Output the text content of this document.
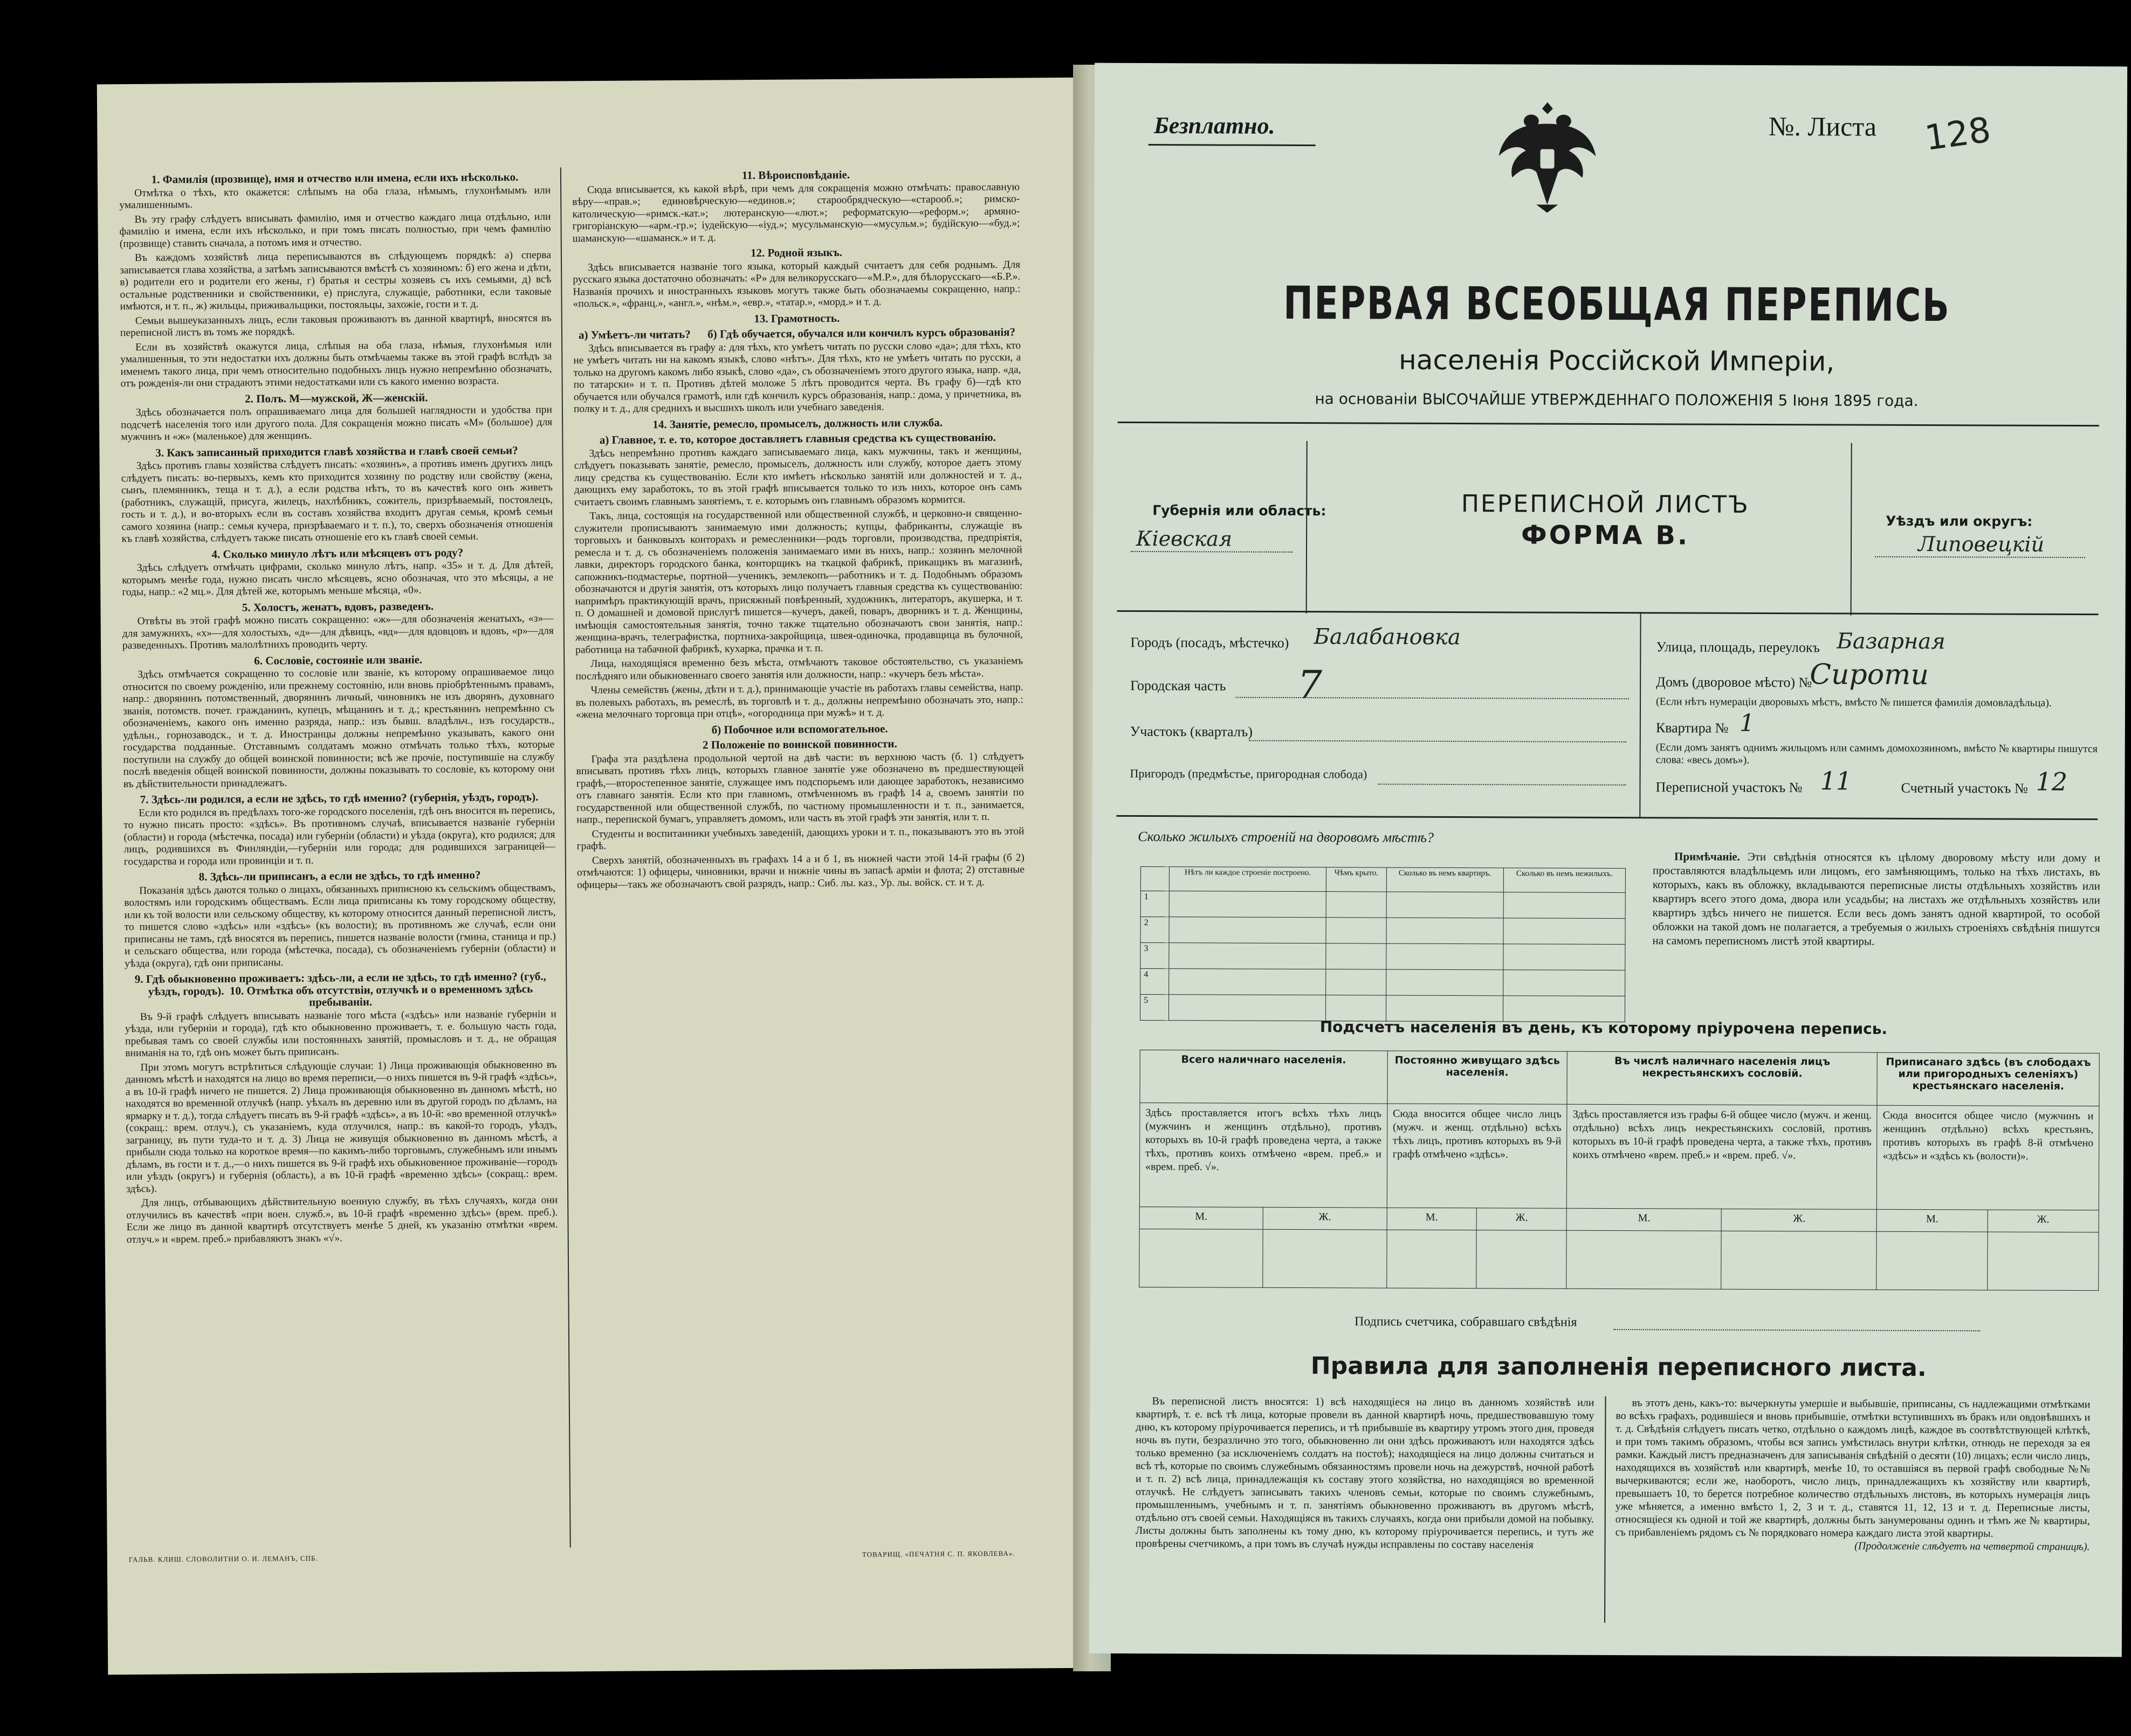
1. Фамилія (прозвище), имя и отчество или имена, если ихъ нѣсколько.

Отмѣтка о тѣхъ, кто окажется: слѣпымъ на оба глаза, нѣмымъ, глухонѣмымъ или умалишеннымъ.

Въ эту графу слѣдуетъ вписывать фамилію, имя и отчество каждаго лица отдѣльно, или фамилію и имена, если ихъ нѣсколько, и при томъ писать полностью, при чемъ фамилію (прозвище) ставить сначала, а потомъ имя и отчество.

Въ каждомъ хозяйствѣ лица переписываются въ слѣдующемъ порядкѣ: а) сперва записывается глава хозяйства, а затѣмъ записываются вмѣстѣ съ хозяиномъ: б) его жена и дѣти, в) родители его и родители его жены, г) братья и сестры хозяевъ съ ихъ семьями, д) всѣ остальные родственники и свойственники, е) прислуга, служащіе, работники, если таковые имѣются, и т. п., ж) жильцы, приживальщики, постояльцы, захожіе, гости и т. д.

Семьи вышеуказанныхъ лицъ, если таковыя проживаютъ въ данной квартирѣ, вносятся въ переписной листъ въ томъ же порядкѣ.

Если въ хозяйствѣ окажутся лица, слѣпыя на оба глаза, нѣмыя, глухонѣмыя или умалишенныя, то эти недостатки ихъ должны быть отмѣчаемы также въ этой графѣ вслѣдъ за именемъ такого лица, при чемъ относительно подобныхъ лицъ нужно непремѣнно обозначать, отъ рожденія-ли они страдаютъ этими недостатками или съ какого именно возраста.

2. Полъ. М—мужской, Ж—женскій.

Здѣсь обозначается полъ опрашиваемаго лица для большей наглядности и удобства при подсчетѣ населенія того или другого пола. Для сокращенія можно писать «М» (большое) для мужчинъ и «ж» (маленькое) для женщинъ.

3. Какъ записанный приходится главѣ хозяйства и главѣ своей семьи?

Здѣсь противъ главы хозяйства слѣдуетъ писать: «хозяинъ», а противъ именъ другихъ лицъ слѣдуетъ писать: во-первыхъ, кемъ кто приходится хозяину по родству или свойству (жена, сынъ, племянникъ, теща и т. д.), а если родства нѣтъ, то въ качествѣ кого онъ живетъ (работникъ, служащій, присуга, жилецъ, нахлѣбникъ, сожитель, призрѣваемый, постоялецъ, гость и т. д.), и во-вторыхъ если въ составъ хозяйства входитъ другая семья, кромѣ семьи самого хозяина (напр.: семья кучера, призрѣваемаго и т. п.), то, сверхъ обозначенія отношенія къ главѣ хозяйства, слѣдуетъ также писать отношеніе его къ главѣ своей семьи.

4. Сколько минуло лѣтъ или мѣсяцевъ отъ роду?

Здѣсь слѣдуетъ отмѣчать цифрами, сколько минуло лѣтъ, напр. «35» и т. д. Для дѣтей, которымъ менѣе года, нужно писать число мѣсяцевъ, ясно обозначая, что это мѣсяцы, а не годы, напр.: «2 мц.». Для дѣтей же, которымъ меньше мѣсяца, «0».

5. Холостъ, женатъ, вдовъ, разведенъ.

Отвѣты въ этой графѣ можно писать сокращенно: «ж»—для обозначенія женатыхъ, «з»—для замужнихъ, «х»—для холостыхъ, «д»—для дѣвицъ, «вд»—для вдовцовъ и вдовъ, «р»—для разведенныхъ. Противъ малолѣтнихъ проводить черту.

6. Сословіе, состояніе или званіе.

Здѣсь отмѣчается сокращенно то сословіе или званіе, къ которому опрашиваемое лицо относится по своему рожденію, или прежнему состоянію, или вновь пріобрѣтеннымъ правамъ, напр.: дворянинъ потомственный, дворянинъ личный, чиновникъ не изъ дворянъ, духовнаго званія, потомств. почет. гражданинъ, купецъ, мѣщанинъ и т. д.; крестьянинъ непремѣнно съ обозначеніемъ, какого онъ именно разряда, напр.: изъ бывш. владѣльч., изъ государств., удѣльн., горнозаводск., и т. д. Иностранцы должны непремѣнно указывать, какого они государства подданные. Отставнымъ солдатамъ можно отмѣчать только тѣхъ, которые поступили на службу до общей воинской повинности; всѣ же прочіе, поступившіе на службу послѣ введенія общей воинской повинности, должны показывать то сословіе, къ которому они въ дѣйствительности принадлежатъ.

7. Здѣсь-ли родился, а если не здѣсь, то гдѣ именно? (губернія, уѣздъ, городъ).

Если кто родился въ предѣлахъ того-же городского поселенія, гдѣ онъ вносится въ перепись, то нужно писать просто: «здѣсь». Въ противномъ случаѣ, вписывается названіе губерніи (области) и города (мѣстечка, посада) или губерніи (области) и уѣзда (округа), кто родился; для лицъ, родившихся въ Финляндіи,—губерніи или города; для родившихся заграницей—государства и города или провинціи и т. п.

8. Здѣсь-ли приписанъ, а если не здѣсь, то гдѣ именно?

Показанія здѣсь даются только о лицахъ, обязанныхъ приписною къ сельскимъ обществамъ, волостямъ или городскимъ обществамъ. Если лица приписаны къ тому городскому обществу, или къ той волости или сельскому обществу, къ которому относится данный переписной листъ, то пишется слово «здѣсь» или «здѣсь» (къ волости); въ противномъ же случаѣ, если они приписаны не тамъ, гдѣ вносятся въ перепись, пишется названіе волости (гмина, станица и пр.) и сельскаго общества, или города (мѣстечка, посада), съ обозначеніемъ губерніи (области) и уѣзда (округа), гдѣ они приписаны.

9. Гдѣ обыкновенно проживаетъ: здѣсь-ли, а если не здѣсь, то гдѣ именно? (губ., уѣздъ, городъ).  10. Отмѣтка объ отсутствіи, отлучкѣ и о временномъ здѣсь пребываніи.

Въ 9-й графѣ слѣдуетъ вписывать названіе того мѣста («здѣсь» или названіе губерніи и уѣзда, или губерніи и города), гдѣ кто обыкновенно проживаетъ, т. е. большую часть года, пребывая тамъ со своей службы или постоянныхъ занятій, промысловъ и т. д., не обращая вниманія на то, гдѣ онъ может быть приписанъ.

При этомъ могутъ встрѣтиться слѣдующіе случаи: 1) Лица проживающія обыкновенно въ данномъ мѣстѣ и находятся на лицо во время переписи,—о нихъ пишется въ 9-й графѣ «здѣсь», а въ 10-й графѣ ничего не пишется. 2) Лица проживающія обыкновенно въ данномъ мѣстѣ, но находятся во временной отлучкѣ (напр. уѣхалъ въ деревню или въ другой городъ по дѣламъ, на ярмарку и т. д.), тогда слѣдуетъ писать въ 9-й графѣ «здѣсь», а въ 10-й: «во временной отлучкѣ» (сокращ.: врем. отлуч.), съ указаніемъ, куда отлучился, напр.: въ какой-то городъ, уѣздъ, заграницу, въ пути туда-то и т. д. 3) Лица не живущія обыкновенно въ данномъ мѣстѣ, а прибыли сюда только на короткое время—по какимъ-либо торговымъ, служебнымъ или инымъ дѣламъ, въ гости и т. д.,—о нихъ пишется въ 9-й графѣ ихъ обыкновенное проживаніе—городъ или уѣздъ (округъ) и губернія (область), а въ 10-й графѣ «временно здѣсь» (сокращ.: врем. здѣсь).

Для лицъ, отбывающихъ дѣйствительную военную службу, въ тѣхъ случаяхъ, когда они отлучились въ качествѣ «при воен. служб.», въ 10-й графѣ «временно здѣсь» (врем. преб.). Если же лицо въ данной квартирѣ отсутствуетъ менѣе 5 дней, къ указанію отмѣтки «врем. отлуч.» и «врем. преб.» прибавляютъ знакъ «√».

11. Вѣроисповѣданіе.

Сюда вписывается, къ какой вѣрѣ, при чемъ для сокращенія можно отмѣчать: православную вѣру—«прав.»; единовѣрческую—«единов.»; старообрядческую—«старооб.»; римско-католическую—«римск.-кат.»; лютеранскую—«лют.»; реформатскую—«реформ.»; армяно-григоріанскую—«арм.-гр.»; іудейскую—«іуд.»; мусульманскую—«мусульм.»; будійскую—«буд.»; шаманскую—«шаманск.» и т. д.

12. Родной языкъ.

Здѣсь вписывается названіе того языка, который каждый считаетъ для себя роднымъ. Для русскаго языка достаточно обозначать: «Р» для великорусскаго—«М.Р.», для бѣлорусскаго—«Б.Р.». Названія прочихъ и иностранныхъ языковъ могутъ также быть обозначаемы сокращенно, напр.: «польск.», «франц.», «англ.», «нѣм.», «евр.», «татар.», «морд.» и т. д.

13. Грамотность.
а) Умѣетъ-ли читать?      б) Гдѣ обучается, обучался или кончилъ курсъ образованія?

Здѣсь вписывается въ графу а: для тѣхъ, кто умѣетъ читать по русски слово «да»; для тѣхъ, кто не умѣетъ читать ни на какомъ языкѣ, слово «нѣтъ». Для тѣхъ, кто не умѣетъ читать по русски, а только на другомъ какомъ либо языкѣ, слово «да», съ обозначеніемъ этого другого языка, напр. «да, по татарски» и т. п. Противъ дѣтей моложе 5 лѣтъ проводится черта. Въ графу б)—гдѣ кто обучается или обучался грамотѣ, или гдѣ кончилъ курсъ образованія, напр.: дома, у причетника, въ полку и т. д., для среднихъ и высшихъ школъ или учебнаго заведенія.

14. Занятіе, ремесло, промыселъ, должность или служба.
а) Главное, т. е. то, которое доставляетъ главныя средства къ существованію.

Здѣсь непремѣнно противъ каждаго записываемаго лица, какъ мужчины, такъ и женщины, слѣдуетъ показывать занятіе, ремесло, промыселъ, должность или службу, которое даетъ этому лицу средства къ существованію. Если кто имѣетъ нѣсколько занятій или должностей и т. д., дающихъ ему заработокъ, то въ этой графѣ вписывается только то изъ нихъ, которое онъ самъ считаетъ своимъ главнымъ занятіемъ, т. е. которымъ онъ главнымъ образомъ кормится.

Такъ, лица, состоящія на государственной или общественной службѣ, и церковно-и священно-служители прописываютъ занимаемую ими должность; купцы, фабриканты, служащіе въ торговыхъ и банковыхъ конторахъ и ремесленники—родъ торговли, производства, предпріятія, ремесла и т. д. съ обозначеніемъ положенія занимаемаго ими въ нихъ, напр.: хозяинъ мелочной лавки, директоръ городского банка, конторщикъ на ткацкой фабрикѣ, прикащикъ въ магазинѣ, сапожникъ-подмастерье, портной—ученикъ, землекопъ—работникъ и т. д. Подобнымъ образомъ обозначаются и другія занятія, отъ которыхъ лицо получаетъ главныя средства къ существованію: напримѣръ практикующій врачъ, присяжный повѣренный, художникъ, литераторъ, акушерка, и т. п. О домашней и домовой прислугѣ пишется—кучеръ, дакей, поваръ, дворникъ и т. д. Женщины, имѣющія самостоятельныя занятія, точно также тщательно обозначаютъ свои занятія, напр.: женщина-врачъ, телеграфистка, портниха-закройщица, швея-одиночка, продавщица въ булочной, работница на табачной фабрикѣ, кухарка, прачка и т. п.

Лица, находящіяся временно безъ мѣста, отмѣчаютъ таковое обстоятельство, съ указаніемъ послѣдняго или обыкновеннаго своего занятія или должности, напр.: «кучеръ безъ мѣста».

Члены семействъ (жены, дѣти и т. д.), принимающіе участіе въ работахъ главы семейства, напр. въ полевыхъ работахъ, въ ремеслѣ, въ торговлѣ и т. д., должны непремѣнно обозначать это, напр.: «жена мелочнаго торговца при отцѣ», «огородница при мужѣ» и т. д.

б) Побочное или вспомогательное.
2 Положеніе по воинской повинности.

Графа эта раздѣлена продольной чертой на двѣ части: въ верхнюю часть (б. 1) слѣдуетъ вписывать противъ тѣхъ лицъ, которыхъ главное занятіе уже обозначено въ предшествующей графѣ,—второстепенное занятіе, служащее имъ подспорьемъ или дающее заработокъ, независимо отъ главнаго занятія. Если кто при главномъ, отмѣченномъ въ графѣ 14 а, своемъ занятіи по государственной или общественной службѣ, по частному промышленности и т. п., занимается, напр., перепиской бумагъ, управляетъ домомъ, или часть въ этой графѣ эти занятія, или т. п.

Студенты и воспитанники учебныхъ заведеній, дающихъ уроки и т. п., показываютъ это въ этой графѣ.

Сверхъ занятій, обозначенныхъ въ графахъ 14 а и б 1, въ нижней части этой 14-й графы (б 2) отмѣчаются: 1) офицеры, чиновники, врачи и нижніе чины въ запасѣ арміи и флота; 2) отставные офицеры—такъ же обозначаютъ свой разрядъ, напр.: Сиб. лы. каз., Ур. лы. войск. ст. и т. д.

ГАЛЬВ. КЛИШ. СЛОВОЛИТНИ О. И. ЛЕМАНЪ, СПБ.
ТОВАРИЩ. «ПЕЧАТНЯ С. П. ЯКОВЛЕВА».
Безплатно.	№. Листа 128
ПЕРВАЯ ВСЕОБЩАЯ ПЕРЕПИСЬ
населенія Россійской Имперіи,
на основаніи ВЫСОЧАЙШЕ УТВЕРЖДЕННАГО ПОЛОЖЕНІЯ 5 Іюня 1895 года.
ПЕРЕПИСНОЙ ЛИСТЪ
ФОРМА В.
Губернія или область:
Кіевская
Уѣздъ или округъ:
Липовецкій
Городъ (посадъ, мѣстечко) Балабановка
Городская часть 7
Участокъ (кварталъ)
Пригородъ (предмѣстье, пригородная слобода)
Улица, площадь, переулокъ Базарная
Домъ (дворовое мѣсто) №
Сироти
(Если нѣтъ нумераціи дворовыхъ мѣстъ, вмѣсто № пишется фамилія домовладѣльца).
Квартира № 1
(Если домъ занятъ однимъ жильцомъ или самимъ домохозяиномъ, вмѣсто № квартиры пишутся слова: «весь домъ»).
Переписной участокъ № 11	Счетный участокъ № 12
Сколько жилыхъ строеній на дворовомъ мѣстѣ?
	Нѣтъ ли каждое строеніе построено.	Чѣмъ крыто.	Сколько въ немъ квартиръ.	Сколько въ немъ нежилыхъ.
1				
2				
3				
4				
5				

Примѣчаніе. Эти свѣдѣнія относятся къ цѣлому дворовому мѣсту или дому и проставляются владѣльцемъ или лицомъ, его замѣняющимъ, только на тѣхъ листахъ, въ которыхъ, какъ въ обложку, вкладываются переписные листы отдѣльныхъ хозяйствъ или квартиръ всего этого дома, двора или усадьбы; на листахъ же отдѣльныхъ хозяйствъ или квартиръ здѣсь ничего не пишется. Если весь домъ занятъ одной квартирой, то особой обложки на такой домъ не полагается, а требуемыя о жилыхъ строеніяхъ свѣдѣнія пишутся на самомъ переписномъ листѣ этой квартиры.

Подсчетъ населенія въ день, къ которому пріурочена перепись.
Всего наличнаго населенія.		Постоянно живущаго здѣсь населенія.		Въ числѣ наличнаго населенія лицъ некрестьянскихъ сословій.		Приписанаго здѣсь (въ слободахъ или пригородныхъ селеніяхъ) крестьянскаго населенія.	
Здѣсь проставляется итогъ всѣхъ тѣхъ лицъ (мужчинъ и женщинъ отдѣльно), противъ которыхъ въ 10-й графѣ проведена черта, а также тѣхъ, противъ коихъ отмѣчено «врем. преб.» и «врем. преб. √».		Сюда вносится общее число лицъ (мужч. и женщ. отдѣльно) всѣхъ тѣхъ лицъ, противъ которыхъ въ 9-й графѣ отмѣчено «здѣсь».		Здѣсь проставляется изъ графы 6-й общее число (мужч. и женщ. отдѣльно) всѣхъ лицъ некрестьянскихъ сословій, противъ которыхъ въ 10-й графѣ проведена черта, а также тѣхъ, противъ коихъ отмѣчено «врем. преб.» и «врем. преб. √».		Сюда вносится общее число (мужчинъ и женщинъ отдѣльно) всѣхъ крестьянъ, противъ которыхъ въ графѣ 8-й отмѣчено «здѣсь» и «здѣсь къ (волости)».	
М.	Ж.	М.	Ж.	М.	Ж.	М.	Ж.

Подпись счетчика, собравшаго свѣдѣнія
Правила для заполненія переписного листа.

Въ переписной листъ вносятся: 1) всѣ находящіеся на лицо въ данномъ хозяйствѣ или квартирѣ, т. е. всѣ тѣ лица, которые провели въ данной квартирѣ ночь, предшествовавшую тому дню, къ которому пріурочивается перепись, и тѣ прибывшіе въ квартиру утромъ этого дня, проведя ночь въ пути, безразлично это того, обыкновенно ли они здѣсь проживаютъ или находятся здѣсь только временно (за исключеніемъ солдатъ на постоѣ); находящіеся на лицо должны считаться и всѣ тѣ, которые по своимъ служебнымъ обязанностямъ провели ночь на дежурствѣ, ночной работѣ и т. п. 2) всѣ лица, принадлежащія къ составу этого хозяйства, но находящіяся во временной отлучкѣ. Не слѣдуетъ записывать такихъ членовъ семьи, которые по своимъ служебнымъ, промышленнымъ, учебнымъ и т. п. занятіямъ обыкновенно проживаютъ въ другомъ мѣстѣ, отдѣльно отъ своей семьи. Находящіяся въ такихъ случаяхъ, когда они прибыли домой на побывку. Листы должны быть заполнены къ тому дню, къ которому пріурочивается перепись, и тутъ же провѣрены счетчикомъ, а при томъ въ случаѣ нужды исправлены по составу населенія

въ этотъ день, какъ-то: вычеркнуты умершіе и выбывшіе, приписаны, съ надлежащими отмѣтками во всѣхъ графахъ, родившіеся и вновь прибывшіе, отмѣтки вступившихъ въ бракъ или овдовѣвшихъ и т. д. Свѣдѣнія слѣдуетъ писать четко, отдѣльно о каждомъ лицѣ, каждое въ соотвѣтствующей клѣткѣ, и при томъ такимъ образомъ, чтобы вся запись умѣстилась внутри клѣтки, отнюдь не переходя за ея рамки. Каждый листъ предназначенъ для записыванія свѣдѣній о десяти (10) лицахъ; если число лицъ, находящихся въ хозяйствѣ или квартирѣ, менѣе 10, то оставшіяся въ первой графѣ свободные №№ вычеркиваются; если же, наоборотъ, число лицъ, принадлежащихъ къ хозяйству или квартирѣ, превышаетъ 10, то берется потребное количество отдѣльныхъ листовъ, въ которыхъ нумерація лицъ уже мѣняется, а именно вмѣсто 1, 2, 3 и т. д., ставятся 11, 12, 13 и т. д. Переписные листы, относящіеся къ одной и той же квартирѣ, должны быть занумерованы одинъ и тѣмъ же № квартиры, съ прибавленіемъ рядомъ съ № порядковаго номера каждаго листа этой квартиры.

(Продолженіе слѣдуетъ на четвертой страницѣ).
